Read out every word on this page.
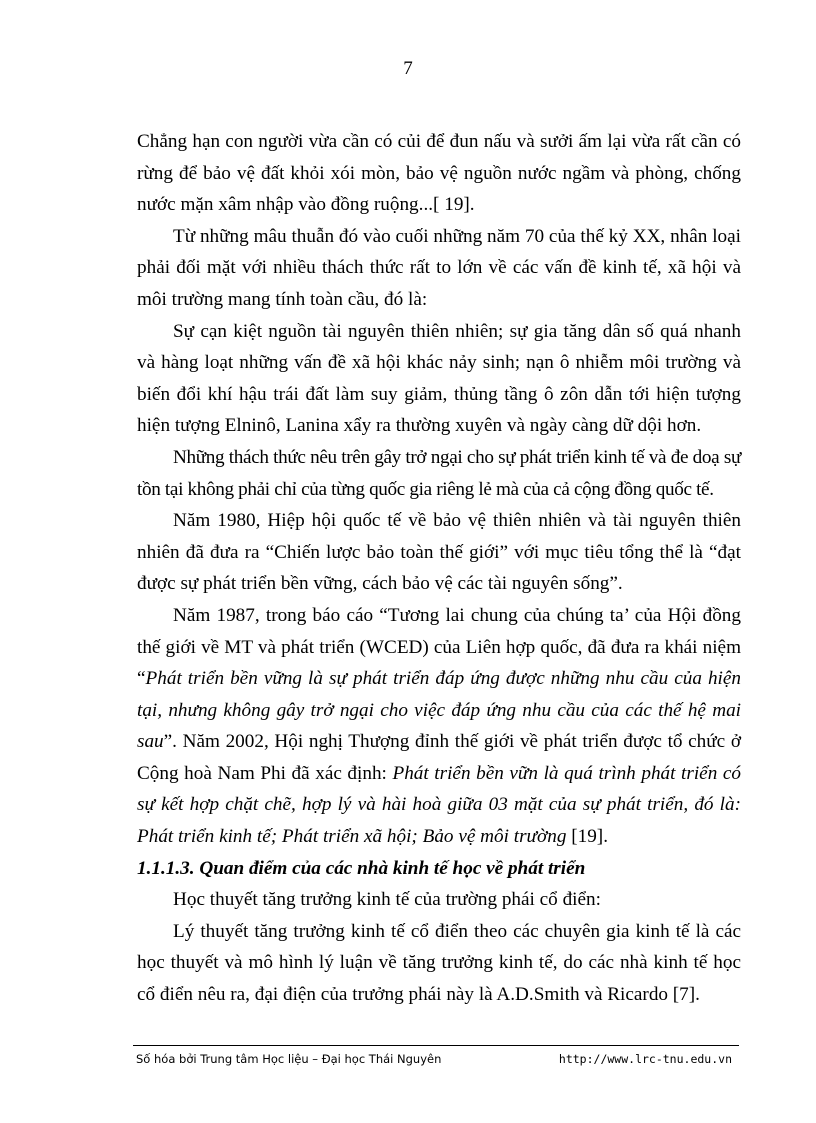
7

Chẳng hạn con người vừa cần có củi để đun nấu và sưởi ấm lại vừa rất cần có rừng để bảo vệ đất khỏi xói mòn, bảo vệ nguồn nước ngầm và phòng, chống nước mặn xâm nhập vào đồng ruộng...[ 19].

Từ những mâu thuẫn đó vào cuối những năm 70 của thế kỷ XX, nhân loại phải đối mặt với nhiều thách thức rất to lớn về các vấn đề kinh tế, xã hội và môi trường mang tính toàn cầu, đó là:

Sự cạn kiệt nguồn tài nguyên thiên nhiên; sự gia tăng dân số quá nhanh và hàng loạt những vấn đề xã hội khác nảy sinh; nạn ô nhiễm môi trường và biến đổi khí hậu trái đất làm suy giảm, thủng tầng ô zôn dẫn tới hiện tượng hiện tượng Elninô, Lanina xẩy ra thường xuyên và ngày càng dữ dội hơn.

Những thách thức nêu trên gây trở ngại cho sự phát triển kinh tế và đe doạ sự tồn tại không phải chỉ của từng quốc gia riêng lẻ mà của cả cộng đồng quốc tế.

Năm 1980, Hiệp hội quốc tế về bảo vệ thiên nhiên và tài nguyên thiên nhiên đã đưa ra “Chiến lược bảo toàn thế giới” với mục tiêu tổng thể là “đạt được sự phát triển bền vững, cách bảo vệ các tài nguyên sống”.

Năm 1987, trong báo cáo “Tương lai chung của chúng ta’ của Hội đồng thế giới về MT và phát triển (WCED) của Liên hợp quốc, đã đưa ra khái niệm “Phát triển bền vững là sự phát triển đáp ứng được những nhu cầu của hiện tại, nhưng không gây trở ngại cho việc đáp ứng nhu cầu của các thế hệ mai sau”. Năm 2002, Hội nghị Thượng đỉnh thế giới về phát triển được tổ chức ở Cộng hoà Nam Phi đã xác định: Phát triển bền vữn là quá trình phát triển có sự kết hợp chặt chẽ, hợp lý và hài hoà giữa 03 mặt của sự phát triển, đó là: Phát triển kinh tế; Phát triển xã hội; Bảo vệ môi trường [19].

1.1.1.3. Quan điểm của các nhà kinh tế học về phát triển

Học thuyết tăng trưởng kinh tế của trường phái cổ điển:

Lý thuyết tăng trưởng kinh tế cổ điển theo các chuyên gia kinh tế là các học thuyết và mô hình lý luận về tăng trưởng kinh tế, do các nhà kinh tế học cổ điển nêu ra, đại điện của trưởng phái này là A.D.Smith và Ricardo [7].

Số hóa bởi Trung tâm Học liệu – Đại học Thái Nguyên	http://www.lrc-tnu.edu.vn
